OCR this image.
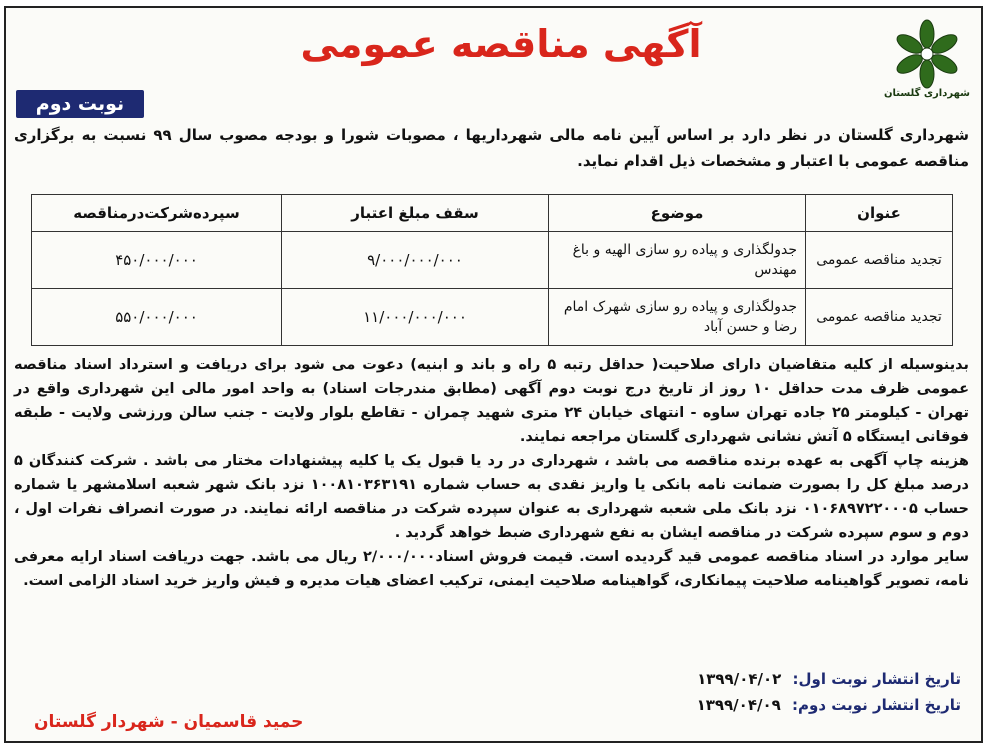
شهرداری گلستان
آگهی مناقصه عمومی
نوبت دوم
شهرداری گلستان در نظر دارد بر اساس آیین نامه مالی شهرداریها ، مصوبات شورا و بودجه مصوب سال ۹۹ نسبت به برگزاری مناقصه عمومی با اعتبار و مشخصات ذیل اقدام نماید.
عنوان	موضوع	سقف مبلغ اعتبار	سپرده‌شرکت‌درمناقصه
تجدید مناقصه عمومی	جدولگذاری و پیاده رو سازی الهیه و باغ مهندس	۹/۰۰۰/۰۰۰/۰۰۰	۴۵۰/۰۰۰/۰۰۰
تجدید مناقصه عمومی	جدولگذاری و پیاده رو سازی شهرک امام رضا و حسن آباد	۱۱/۰۰۰/۰۰۰/۰۰۰	۵۵۰/۰۰۰/۰۰۰

بدینوسیله از کلیه متقاضیان دارای صلاحیت( حداقل رتبه ۵ راه و باند و ابنیه) دعوت می شود برای دریافت و استرداد اسناد مناقصه عمومی ظرف مدت حداقل ۱۰ روز از تاریخ درج نوبت دوم آگهی (مطابق مندرجات اسناد) به واحد امور مالی این شهرداری واقع در تهران - کیلومتر ۲۵ جاده تهران ساوه - انتهای خیابان ۲۴ متری شهید چمران - تقاطع بلوار ولایت - جنب سالن ورزشی ولایت - طبقه فوقانی ایستگاه ۵ آتش نشانی شهرداری گلستان مراجعه نمایند.

هزینه چاپ آگهی به عهده برنده مناقصه می باشد ، شهرداری در رد یا قبول یک یا کلیه پیشنهادات مختار می باشد . شرکت کنندگان ۵ درصد مبلغ کل را بصورت ضمانت نامه بانکی یا واریز نقدی به حساب شماره ۱۰۰۸۱۰۳۶۳۱۹۱ نزد بانک شهر شعبه اسلامشهر یا شماره حساب ۰۱۰۶۸۹۷۲۲۰۰۰۵ نزد بانک ملی شعبه شهرداری به عنوان سپرده شرکت در مناقصه ارائه نمایند. در صورت انصراف نفرات اول ، دوم و سوم سپرده شرکت در مناقصه ایشان به نفع شهرداری ضبط خواهد گردید .

سایر موارد در اسناد مناقصه عمومی قید گردیده است. قیمت فروش اسناد۲/۰۰۰/۰۰۰ ریال می باشد. جهت دریافت اسناد ارایه معرفی نامه، تصویر گواهینامه صلاحیت پیمانکاری، گواهینامه صلاحیت ایمنی، ترکیب اعضای هیات مدیره و فیش واریز خرید اسناد الزامی است.

تاریخ انتشار نوبت اول: ۱۳۹۹/۰۴/۰۲
تاریخ انتشار نوبت دوم: ۱۳۹۹/۰۴/۰۹
حمید قاسمیان - شهردار گلستان
